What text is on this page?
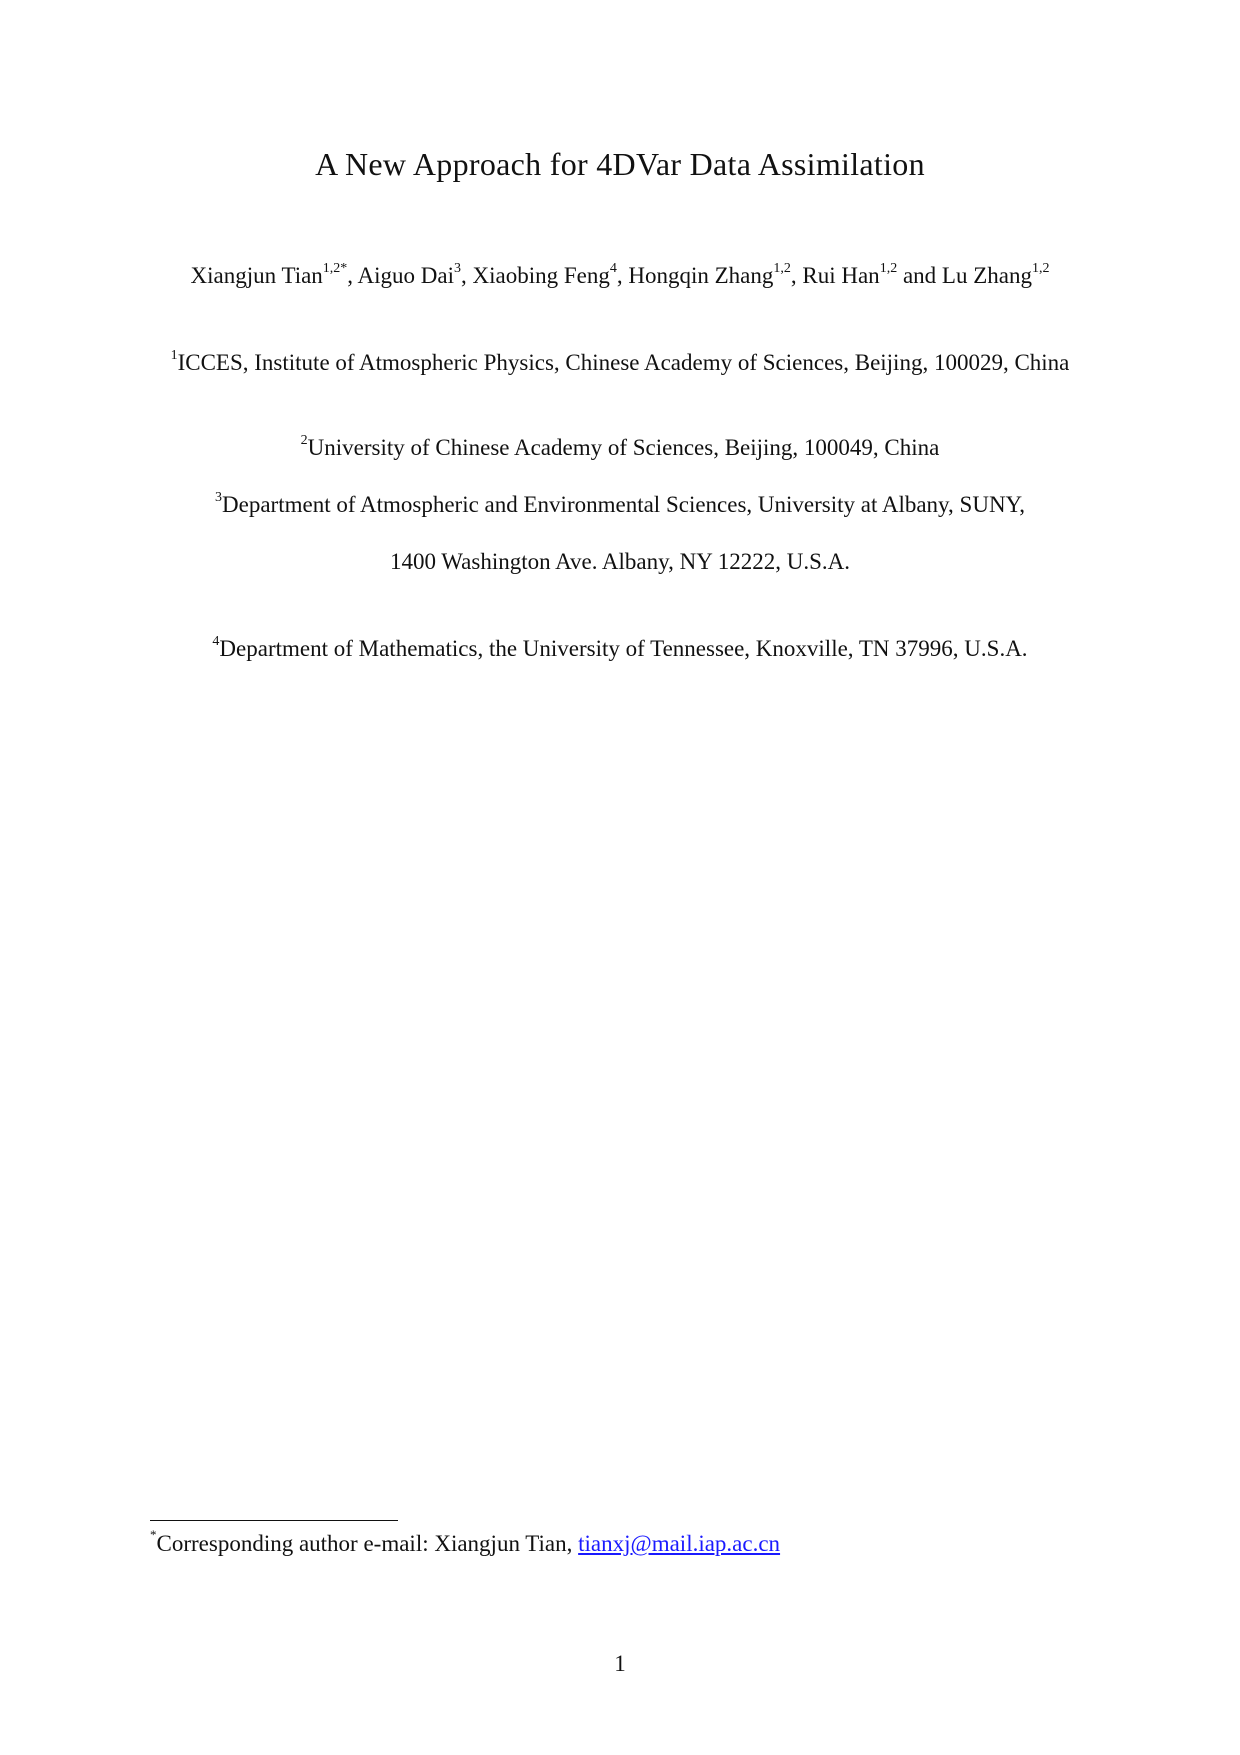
A New Approach for 4DVar Data Assimilation
Xiangjun Tian$^{1,2*}$, Aiguo Dai$^3$, Xiaobing Feng$^4$, Hongqin Zhang$^{1,2}$, Rui Han$^{1,2}$ and Lu Zhang$^{1,2}$
$^1$ICCES, Institute of Atmospheric Physics, Chinese Academy of Sciences, Beijing, 100029, China
$^2$University of Chinese Academy of Sciences, Beijing, 100049, China
$^3$Department of Atmospheric and Environmental Sciences, University at Albany, SUNY,
1400 Washington Ave. Albany, NY 12222, U.S.A.
$^4$Department of Mathematics, the University of Tennessee, Knoxville, TN 37996, U.S.A.
*Corresponding author e-mail: Xiangjun Tian, tianxj@mail.iap.ac.cn
1
